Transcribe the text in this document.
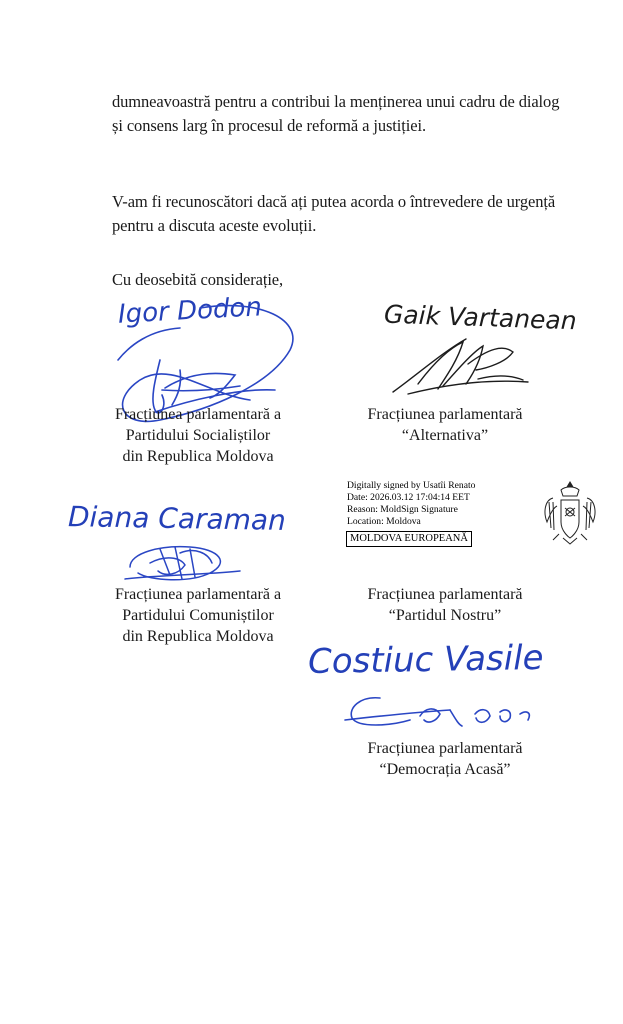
dumneavoastră pentru a contribui la menținerea unui cadru de dialog
și consens larg în procesul de reformă a justiției.
V-am fi recunoscători dacă ați putea acorda o întrevedere de urgență
pentru a discuta aceste evoluții.
Cu deosebită considerație,
Igor Dodon
Fracțiunea parlamentară a
Partidului Socialiștilor
din Republica Moldova
Gaik Vartanean
Fracțiunea parlamentară
“Alternativa”
Digitally signed by Usatîi Renato
Date: 2026.03.12 17:04:14 EET
Reason: MoldSign Signature
Location: Moldova
MOLDOVA EUROPEANĂ
Diana Caraman
Fracțiunea parlamentară a
Partidului Comuniștilor
din Republica Moldova
Fracțiunea parlamentară
“Partidul Nostru”
Costiuc Vasile
Fracțiunea parlamentară
“Democrația Acasă”
